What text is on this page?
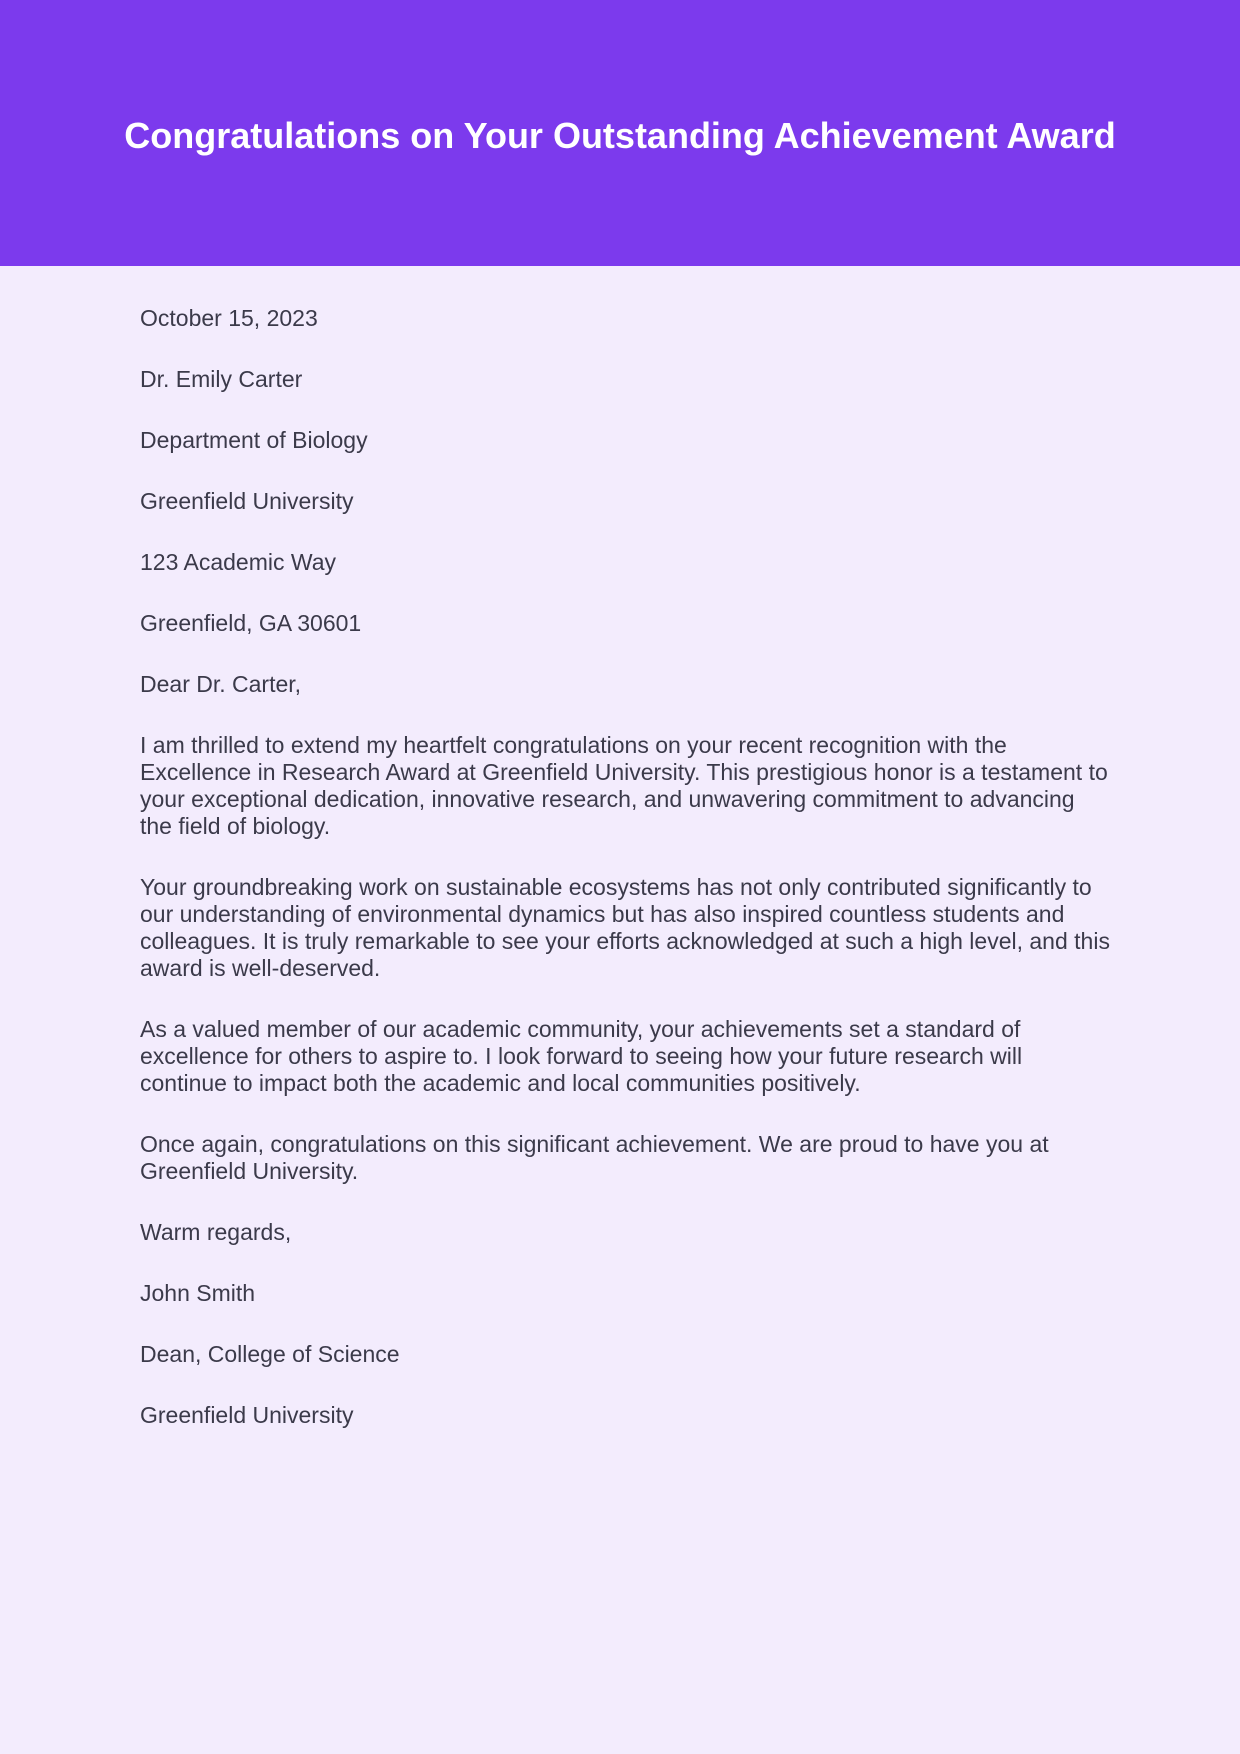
Congratulations on Your Outstanding Achievement Award

October 15, 2023

Dr. Emily Carter

Department of Biology

Greenfield University

123 Academic Way

Greenfield, GA 30601

Dear Dr. Carter,

I am thrilled to extend my heartfelt congratulations on your recent recognition with the Excellence in Research Award at Greenfield University. This prestigious honor is a testament to your exceptional dedication, innovative research, and unwavering commitment to advancing the field of biology.

Your groundbreaking work on sustainable ecosystems has not only contributed significantly to our understanding of environmental dynamics but has also inspired countless students and colleagues. It is truly remarkable to see your efforts acknowledged at such a high level, and this award is well-deserved.

As a valued member of our academic community, your achievements set a standard of excellence for others to aspire to. I look forward to seeing how your future research will continue to impact both the academic and local communities positively.

Once again, congratulations on this significant achievement. We are proud to have you at Greenfield University.

Warm regards,

John Smith

Dean, College of Science

Greenfield University
